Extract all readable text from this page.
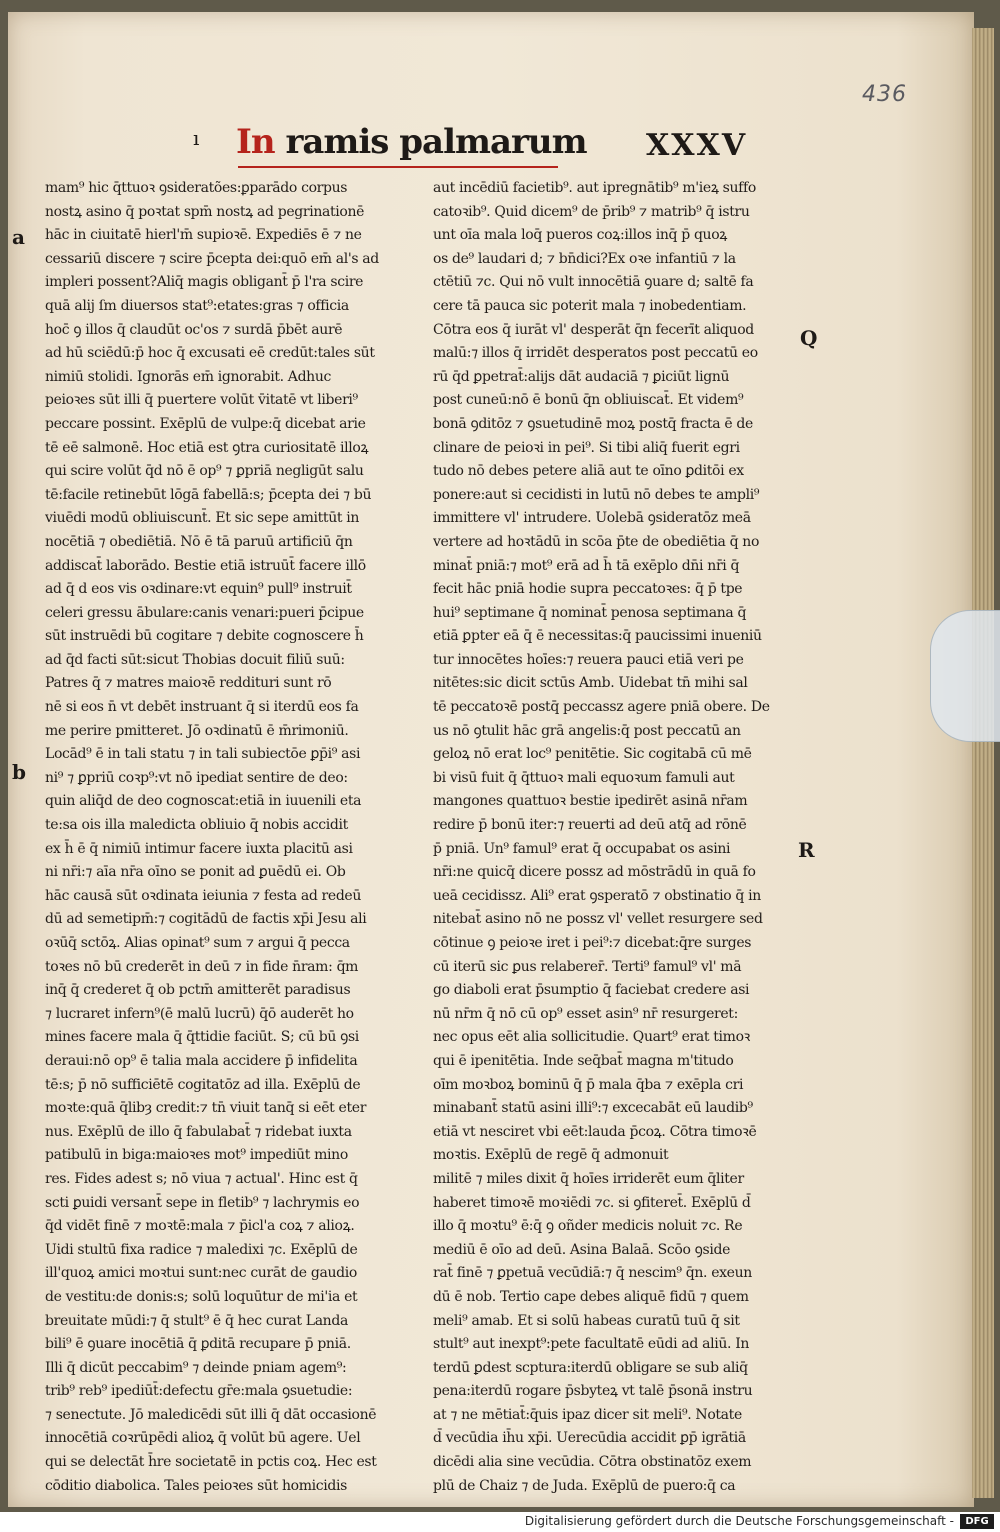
436
ı In ramis palmarum XXXV
mam⁹ hic q̄ttuoꝛ ꝯsideratões:ꝑparādo corpus
nostꝝ asino q̄ poꝛtat spm̄ nostꝝ ad pegrinationē
hāc in ciuitatē hierl'm̄ supioꝛē. Expediēs ē ⁊ ne
cessariū discere ⁊ scire p̄cepta dei:quō em̄ al's ad
impleri possent?Aliq̄ magis obligant̄ p̄ l'ra scire
quā alij ſm diuersos stat⁹:etates:gras ⁊ officia
hoc̄ ꝯ illos q̄ claudūt oc'os ⁊ surdā p̄bēt aurē
ad hū sciēdū:p̄ hoc q̄ excusati eē credūt:tales sūt
nimiū stolidi. Ignorās em̄ ignorabit. Adhuc
peioꝛes sūt illi q̄ puertere volūt v̄itatē vt liberi⁹
peccare possint. Exēplū de vulpe:q̄ dicebat arie
tē eē salmonē. Hoc etiā est ꝯtra curiositatē illoꝝ
qui scire volūt q̄d nō ē op⁹ ⁊ ꝑpriā negligūt salu
tē:facile retinebūt lōgā fabellā:s; p̄cepta dei ⁊ bū
viuēdi modū obliuiscunt̄. Et sic sepe amittūt in
nocētiā ⁊ obediētiā. Nō ē tā paruū artificiū q̄n
addiscat̄ laborādo. Bestie etiā istruūt̄ facere illō
ad q̄ d eos vis oꝛdinare:vt equin⁹ pull⁹ instruit̄
celeri gressu ābulare:canis venari:pueri p̄cipue
sūt instruēdi bū cogitare ⁊ debite cognoscere h̄
ad q̄d facti sūt:sicut Thobias docuit filiū suū:
Patres q̄ ⁊ matres maioꝛē reddituri sunt rō
nē si eos n̄ vt debēt instruant q̄ si iterdū eos fa
me perire pmitteret. Jō oꝛdinatū ē m̄rimoniū.
Locād⁹ ē in tali statu ⁊ in tali subiectōe ꝑp̄i⁹ asi
ni⁹ ⁊ ꝑpriū coꝛp⁹:vt nō ipediat sentire de deo:
quin aliq̄d de deo cognoscat:etiā in iuuenili eta
te:sa ois illa maledicta obliuio q̄ nobis accidit
ex h̄ ē q̄ nimiū intimur facere iuxta placitū asi
ni nr̄i:⁊ aīa nr̄a oīno se ponit ad ꝑuēdū ei. Ob
hāc causā sūt oꝛdinata ieiunia ⁊ festa ad redeū
dū ad semetipm̄:⁊ cogitādū de factis xp̄i Jesu ali
oꝛūq̄ sctōꝝ. Alias opinat⁹ sum ⁊ argui q̄ pecca
toꝛes nō bū crederēt in deū ⁊ in fide n̄ram: q̄m
inq̄ q̄ crederet q̄ ob pctm̄ amitterēt paradisus
⁊ lucraret infern⁹(ē malū lucrū) q̄ō auderēt ho
mines facere mala q̄ q̄ttidie faciūt. S; cū bū ꝯsi
deraui:nō op⁹ ē talia mala accidere p̄ infidelita
tē:s; p̄ nō sufficiētē cogitatōz ad illa. Exēplū de
moꝛte:quā q̄libȝ credit:⁊ tn̄ viuit tanq̄ si eēt eter
nus. Exēplū de illo q̄ fabulabat̄ ⁊ ridebat iuxta
patibulū in biga:maioꝛes mot⁹ impediūt mino
res. Fides adest s; nō viua ⁊ actual'. Hinc est q̄
scti ꝑuidi versant̄ sepe in fletib⁹ ⁊ lachrymis eo
q̄d vidēt finē ⁊ moꝛtē:mala ⁊ p̄icl'a coꝝ ⁊ alioꝝ.
Uidi stultū fixa radice ⁊ maledixi ⁊c. Exēplū de
ill'quoꝝ amici moꝛtui sunt:nec curāt de gaudio
de vestitu:de donis:s; solū loquūtur de mi'ia et
breuitate mūdi:⁊ q̄ stult⁹ ē q̄ hec curat Landa
bili⁹ ē ꝯuare inocētiā q̄ ꝑditā recupare p̄ pniā.
Illi q̄ dicūt peccabim⁹ ⁊ deinde pniam agem⁹:
trib⁹ reb⁹ ipediūt̄:defectu gr̄e:mala ꝯsuetudie:
⁊ senectute. Jō maledicēdi sūt illi q̄ dāt occasionē
innocētiā coꝛrūpēdi alioꝝ q̄ volūt bū agere. Uel
qui se delectāt h̄re societatē in pctis coꝝ. Hec est
cōditio diabolica. Tales peioꝛes sūt homicidis
aut incēdiū facietib⁹. aut ipregnātib⁹ m'ieꝝ suffo
catoꝛib⁹. Quid dicem⁹ de p̄rib⁹ ⁊ matrib⁹ q̄ istru
unt oīa mala loq̄ pueros coꝝ:illos inq̄ p̄ quoꝝ
os de⁹ laudari d; ⁊ bn̄dici?Ex oꝛe infantiū ⁊ la
ctētiū ⁊c. Qui nō vult innocētiā ꝯuare d; saltē fa
cere tā pauca sic poterit mala ⁊ inobedentiam.
Cōtra eos q̄ iurāt vl' desperāt q̄n fecerīt aliquod
malū:⁊ illos q̄ irridēt desperatos post peccatū eo
rū q̄d ꝑpetrat̄:alijs dāt audaciā ⁊ ꝑiciūt lignū
post cuneū:nō ē bonū q̄n obliuiscat̄. Et videm⁹
bonā ꝯditōz ⁊ ꝯsuetudinē moꝝ postq̄ fracta ē de
clinare de peioꝛi in pei⁹. Si tibi aliq̄ fuerit egri
tudo nō debes petere aliā aut te oīno ꝑditōi ex
ponere:aut si cecidisti in lutū nō debes te ampli⁹
immittere vl' intrudere. Uolebā ꝯsideratōz meā
vertere ad hoꝛtādū in scōa p̄te de obediētia q̄ no
minat̄ pniā:⁊ mot⁹ erā ad h̄ tā exēplo dn̄i nr̄i q̄
fecit hāc pniā hodie supra peccatoꝛes: q̄ p̄ tpe
hui⁹ septimane q̄ nominat̄ penosa septimana q̄
etiā ꝑpter eā q̄ ē necessitas:q̄ paucissimi inueniū
tur innocētes hoīes:⁊ reuera pauci etiā veri pe
nitētes:sic dicit sctūs Amb. Uidebat tn̄ mihi sal
tē peccatoꝛē postq̄ peccassz agere pniā obere. De
us nō ꝯtulit hāc grā angelis:q̄ post peccatū an
geloꝝ nō erat loc⁹ penitētie. Sic cogitabā cū mē
bi visū fuit q̄ q̄ttuoꝛ mali equoꝛum famuli aut
mangones quattuoꝛ bestie ipedirēt asinā nr̄am
redire p̄ bonū iter:⁊ reuerti ad deū atq̄ ad rōnē
p̄ pniā. Un⁹ famul⁹ erat q̄ occupabat os asini
nr̄i:ne quicq̄ dicere possz ad mōstrādū in quā fo
ueā cecidissz. Ali⁹ erat ꝯsperatō ⁊ obstinatio q̄ in
nitebat̄ asino nō ne possz vl' vellet resurgere sed
cōtinue ꝯ peioꝛe iret i pei⁹:⁊ dicebat:q̄re surges
cū iterū sic ꝑus relaberer̄. Terti⁹ famul⁹ vl' mā
go diaboli erat p̄sumptio q̄ faciebat credere asi
nū nr̄m q̄ nō cū op⁹ esset asin⁹ nr̄ resurgeret:
nec opus eēt alia sollicitudie. Quart⁹ erat timoꝛ
qui ē ipenitētia. Inde seq̄bat̄ magna m'titudo
oīm moꝛboꝝ bominū q̄ p̄ mala q̄ba ⁊ exēpla cri
minabant̄ statū asini illi⁹:⁊ excecabāt eū laudib⁹
etiā vt nesciret vbi eēt:lauda p̄coꝝ. Cōtra timoꝛē
moꝛtis. Exēplū de regē q̄ admonuit
militē ⁊ miles dixit q̄ hoīes irriderēt eum q̄liter
haberet timoꝛē moꝛiēdi ⁊c. si ꝯfiteret̄. Exēplū d̄
illo q̄ moꝛtu⁹ ē:q̄ ꝯ oñder medicis noluit ⁊c. Re
mediū ē oīo ad deū. Asina Balaā. Scōo ꝯside
rat̄ finē ⁊ ꝑpetuā vecūdiā:⁊ q̄ nescim⁹ q̄n. exeun
dū ē nob. Tertio cape debes aliquē fidū ⁊ quem
meli⁹ amab. Et si solū habeas curatū tuū q̄ sit
stult⁹ aut inexpt⁹:pete facultatē eūdi ad aliū. In
terdū ꝑdest scptura:iterdū obligare se sub aliq̄
pena:iterdū rogare p̄sbyteꝝ vt talē p̄sonā instru
at ⁊ ne mētiat̄:q̄uis ipaz dicer sit meli⁹. Notate
d̄ vecūdia ih̄u xp̄i. Uerecūdia accidit ꝑp̄ igrātiā
dicēdi alia sine vecūdia. Cōtra obstinatōz exem
plū de Chaiz ⁊ de Juda. Exēplū de puero:q̄ ca
a
b
Q
R
Digitalisierung gefördert durch die Deutsche Forschungsgemeinschaft -	DFG
